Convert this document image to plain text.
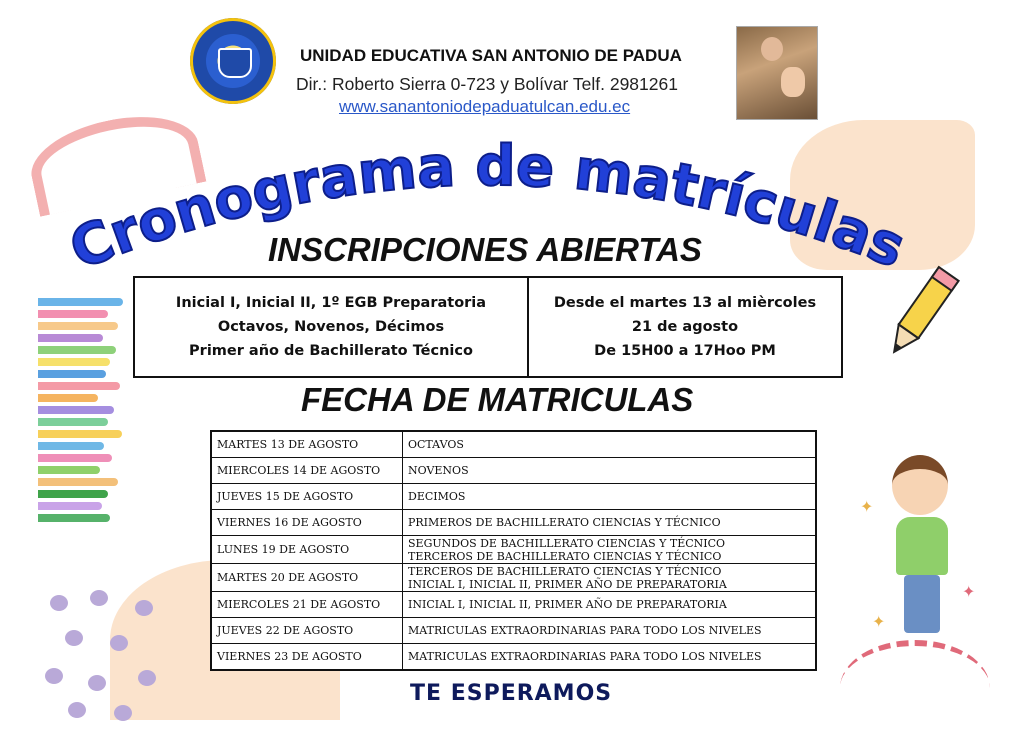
✦
✦
✦
UNIDAD EDUCATIVA SAN ANTONIO DE PADUA
Dir.: Roberto Sierra 0-723 y Bolívar Telf. 2981261
www.sanantoniodepaduatulcan.edu.ec
Cronograma de matrículas
INSCRIPCIONES ABIERTAS
Inicial I, Inicial II, 1º EGB Preparatoria
Octavos, Novenos, Décimos
Primer año de Bachillerato Técnico
Desde el martes 13 al mièrcoles
21 de agosto
De 15H00 a 17Hoo PM
FECHA DE MATRICULAS
MARTES 13 DE AGOSTO	OCTAVOS

MIERCOLES 14 DE AGOSTO	NOVENOS

JUEVES 15 DE AGOSTO	DECIMOS

VIERNES 16 DE AGOSTO	PRIMEROS DE BACHILLERATO CIENCIAS Y TÉCNICO

LUNES 19 DE AGOSTO	SEGUNDOS DE BACHILLERATO CIENCIAS Y TÉCNICO
TERCEROS DE BACHILLERATO CIENCIAS Y TÉCNICO

MARTES 20 DE AGOSTO	TERCEROS DE BACHILLERATO CIENCIAS Y TÉCNICO
INICIAL I, INICIAL II, PRIMER AÑO DE PREPARATORIA

MIERCOLES 21 DE AGOSTO	INICIAL I, INICIAL II, PRIMER AÑO DE PREPARATORIA

JUEVES 22 DE AGOSTO	MATRICULAS EXTRAORDINARIAS PARA TODO LOS NIVELES

VIERNES 23 DE AGOSTO	MATRICULAS EXTRAORDINARIAS PARA TODO LOS NIVELES
TE ESPERAMOS
